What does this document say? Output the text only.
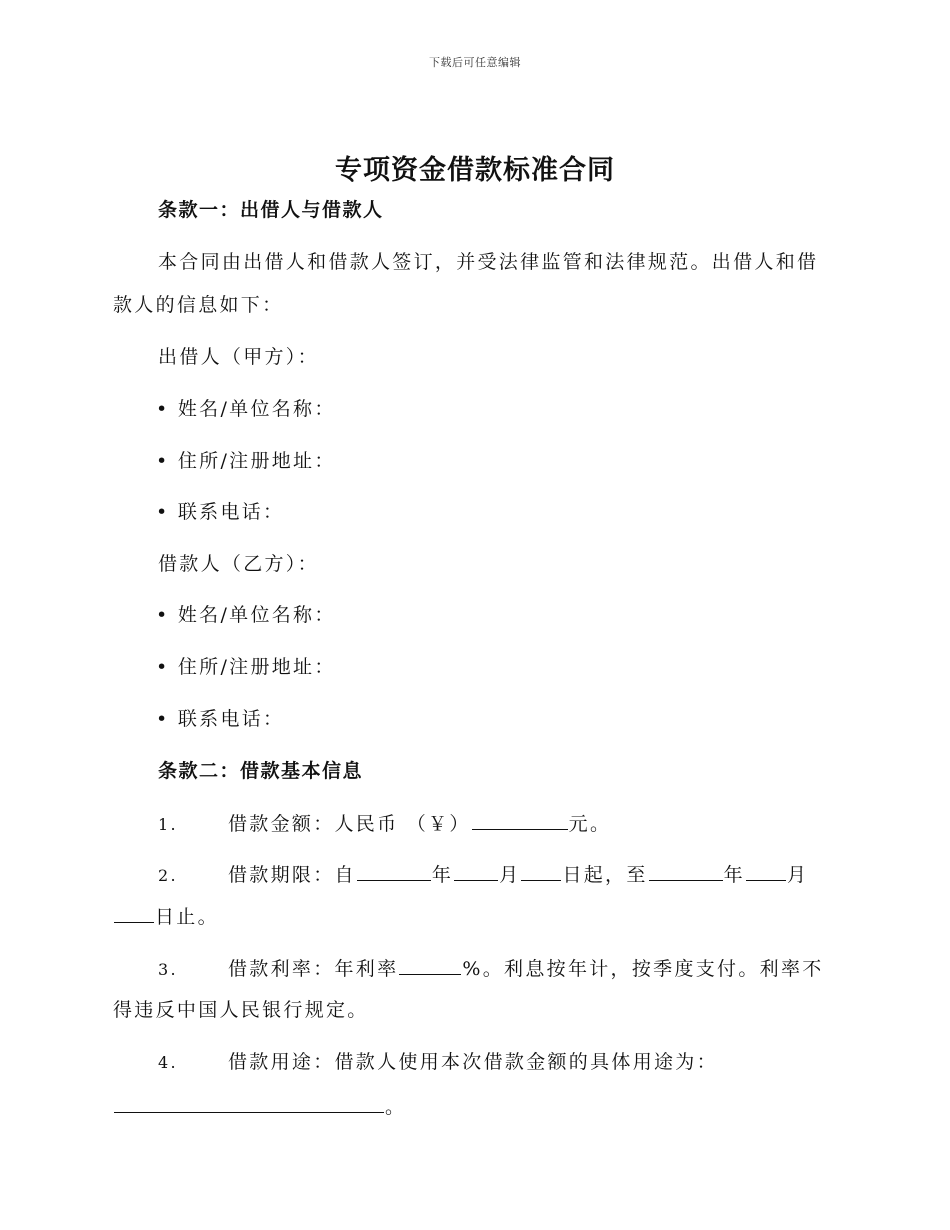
下载后可任意编辑
专项资金借款标准合同
条款一：出借人与借款人
本合同由出借人和借款人签订，并受法律监管和法律规范。出借人和借
款人的信息如下：
出借人（甲方）：
• 姓名/单位名称：
• 住所/注册地址：
• 联系电话：
借款人（乙方）：
• 姓名/单位名称：
• 住所/注册地址：
• 联系电话：
条款二：借款基本信息
1.	借款金额：人民币 （￥）	元。
2.	借款期限：自	年 月 日起，至	年 月
日止。
3.	借款利率：年利率	%。利息按年计，按季度支付。利率不
得违反中国人民银行规定。
4.	借款用途：借款人使用本次借款金额的具体用途为：
。
